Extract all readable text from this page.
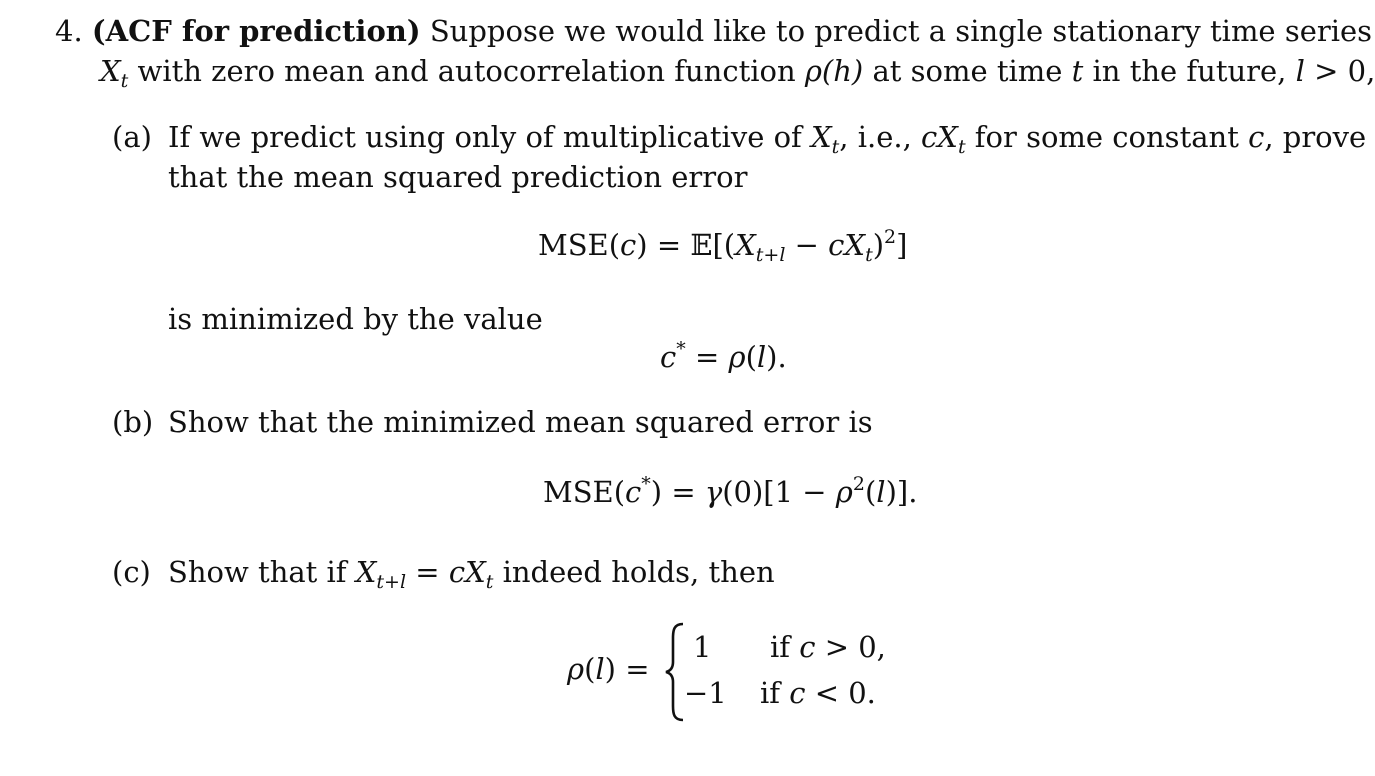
4. (ACF for prediction) Suppose we would like to predict a single stationary time series
$X_t$ with zero mean and autocorrelation function ρ(h) at some time t in the future, l > 0,
(a) If we predict using only of multiplicative of $X_t$, i.e., $cX_t$ for some constant c, prove
that the mean squared prediction error
$MSE(c) = 𝔼[(X_{t+l} - cX_t)^2]$
is minimized by the value
c* = ρ(l).
(b) Show that the minimized mean squared error is
$MSE(c^*) = \gamma(0)[1 - \rho^2(l)]$.
(c) Show that if $X_{t+l} = cX_t$ indeed holds, then
ρ(l) =
1 if c > 0,
−1 if c < 0.
